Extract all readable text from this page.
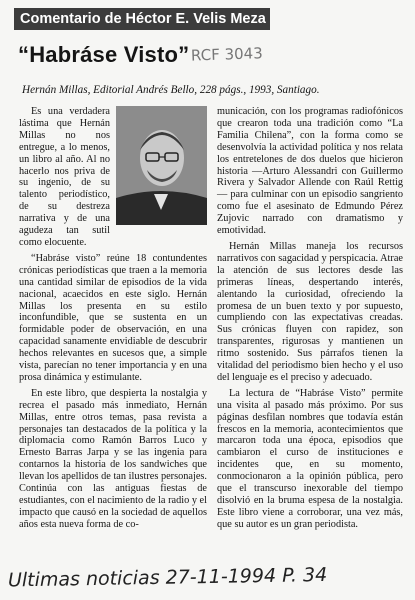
Comentario de Héctor E. Velis Meza
“Habráse Visto” RCF 3043
Hernán Millas, Editorial Andrés Bello, 228 págs., 1993, Santiago.

Es una verdadera lástima que Hernán Millas no nos entregue, a lo menos, un libro al año. Al no hacerlo nos priva de su ingenio, de su talento periodístico, de su destreza narrativa y de una agudeza tan sutil como elocuente.

“Habráse visto” reúne 18 contundentes crónicas periodísticas que traen a la memoria una cantidad similar de episodios de la vida nacional, acaecidos en este siglo. Hernán Millas los presenta en su estilo inconfundible, que se sustenta en un formidable poder de observación, en una capacidad sanamente envidiable de descubrir hechos relevantes en sucesos que, a simple vista, parecían no tener importancia y en una prosa dinámica y estimulante.

En este libro, que despierta la nostalgia y recrea el pasado más inmediato, Hernán Millas, entre otros temas, pasa revista a personajes tan destacados de la política y la diplomacia como Ramón Barros Luco y Ernesto Barras Jarpa y se las ingenia para contarnos la historia de los sandwiches que llevan los apellidos de tan ilustres personajes. Continúa con las antiguas fiestas de estudiantes, con el nacimiento de la radio y el impacto que causó en la sociedad de aquellos años esta nueva forma de co-

municación, con los programas radiofónicos que crearon toda una tradición como “La Familia Chilena”, con la forma como se desenvolvía la actividad política y nos relata los entretelones de dos duelos que hicieron historia —Arturo Alessandri con Guillermo Rivera y Salvador Allende con Raúl Rettig— para culminar con un episodio sangriento como fue el asesinato de Edmundo Pérez Zujovic narrado con dramatismo y emotividad.

Hernán Millas maneja los recursos narrativos con sagacidad y perspicacia. Atrae la atención de sus lectores desde las primeras líneas, despertando interés, alentando la curiosidad, ofreciendo la promesa de un buen texto y por supuesto, cumpliendo con las expectativas creadas. Sus crónicas fluyen con rapidez, son transparentes, rigurosas y mantienen un ritmo sostenido. Sus párrafos tienen la vitalidad del periodismo bien hecho y el uso del lenguaje es el preciso y adecuado.

La lectura de “Habráse Visto” permite una visita al pasado más próximo. Por sus páginas desfilan nombres que todavía están frescos en la memoria, acontecimientos que marcaron toda una época, episodios que cambiaron el curso de instituciones e incidentes que, en su momento, conmocionaron a la opinión pública, pero que el transcurso inexorable del tiempo disolvió en la bruma espesa de la nostalgia. Este libro viene a corroborar, una vez más, que su autor es un gran periodista.

Ultimas noticias 27-11-1994 P. 34
